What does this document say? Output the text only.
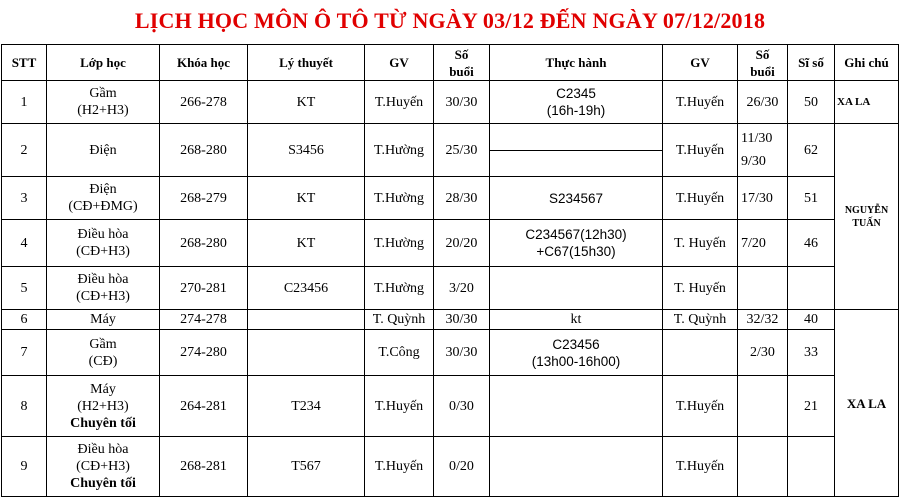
LỊCH HỌC MÔN Ô TÔ TỪ NGÀY 03/12 ĐẾN NGÀY 07/12/2018
STT	Lớp học	Khóa học	Lý thuyết	GV	Số
buổi	Thực hành	GV	Số
buổi	Sĩ số	Ghi chú
1	Gầm
(H2+H3)	266-278	KT	T.Huyến	30/30	C2345
(16h-19h)	T.Huyến	26/30	50	XA LA
2	Điện	268-280	S3456	T.Hường	25/30		T.Huyến	11/30
9/30	62	NGUYỄN
TUẤN

3	Điện
(CĐ+ĐMG)	268-279	KT	T.Hường	28/30	S234567	T.Huyến	17/30	51	
4	Điều hòa
(CĐ+H3)	268-280	KT	T.Hường	20/20	C234567(12h30)
+C67(15h30)	T. Huyến	7/20	46	
5	Điều hòa
(CĐ+H3)	270-281	C23456	T.Hường	3/20		T. Huyến			
6	Máy	274-278		T. Quỳnh	30/30	kt	T. Quỳnh	32/32	40	XA LA
7	Gầm
(CĐ)	274-280		T.Công	30/30	C23456
(13h00-16h00)		2/30	33	
8	Máy
(H2+H3)
Chuyên tối	264-281	T234	T.Huyến	0/30		T.Huyến		21	
9	Điều hòa
(CĐ+H3)
Chuyên tối	268-281	T567	T.Huyến	0/20		T.Huyến			
